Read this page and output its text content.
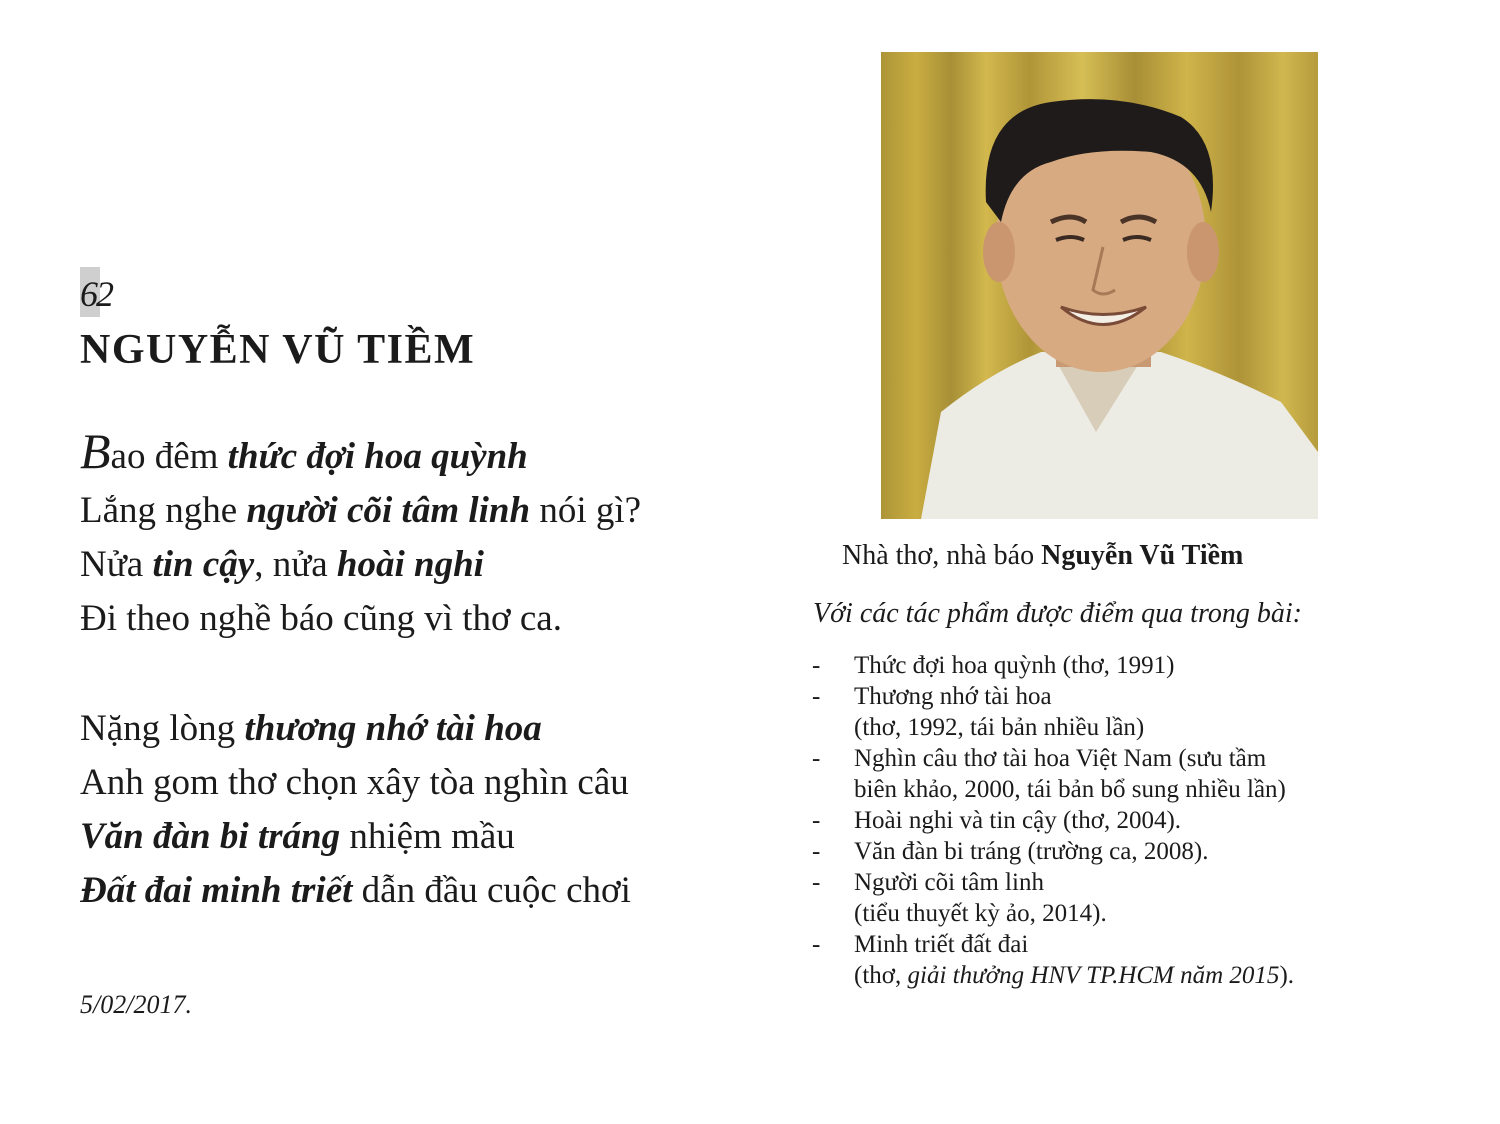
62
NGUYỄN VŨ TIỀM
Bao đêm thức đợi hoa quỳnh
Lắng nghe người cõi tâm linh nói gì?
Nửa tin cậy, nửa hoài nghi
Đi theo nghề báo cũng vì thơ ca.
Nặng lòng thương nhớ tài hoa
Anh gom thơ chọn xây tòa nghìn câu
Văn đàn bi tráng nhiệm mầu
Đất đai minh triết dẫn đầu cuộc chơi
5/02/2017.
Nhà thơ, nhà báo Nguyễn Vũ Tiềm
Với các tác phẩm được điểm qua trong bài:
- Thức đợi hoa quỳnh (thơ, 1991)
- Thương nhớ tài hoa
(thơ, 1992, tái bản nhiều lần)
- Nghìn câu thơ tài hoa Việt Nam (sưu tầm
biên khảo, 2000, tái bản bổ sung nhiều lần)
- Hoài nghi và tin cậy (thơ, 2004).
- Văn đàn bi tráng (trường ca, 2008).
- Người cõi tâm linh
(tiểu thuyết kỳ ảo, 2014).
- Minh triết đất đai
(thơ, giải thưởng HNV TP.HCM năm 2015).
